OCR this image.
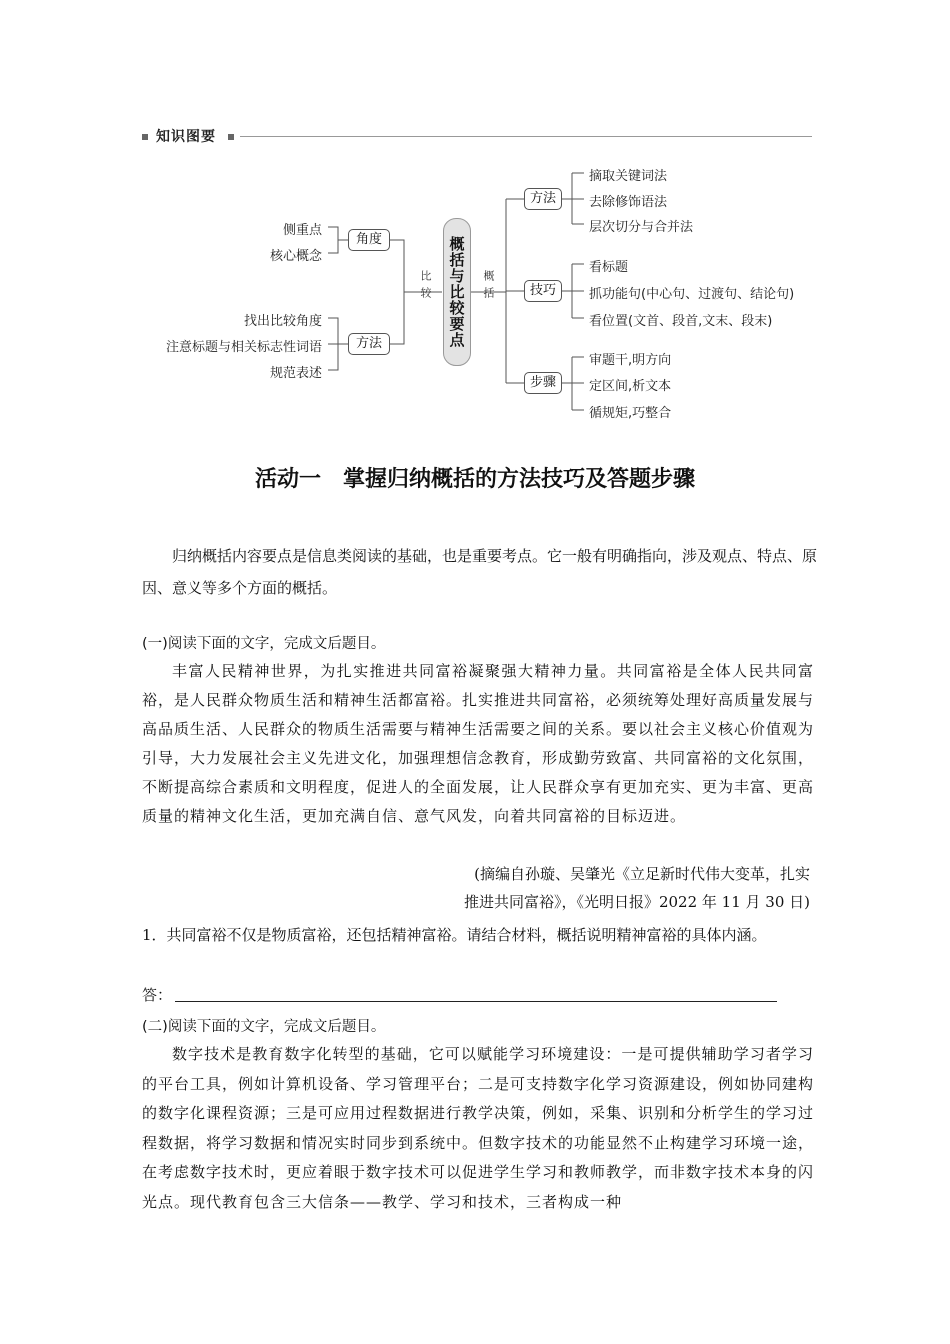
知识图要
侧重点
核心概念
找出比较角度
注意标题与相关标志性词语
规范表述
角度
方法
比较	概括
概括与比较要点
方法
技巧
步骤
摘取关键词法
去除修饰语法
层次切分与合并法
看标题
抓功能句(中心句、过渡句、结论句)
看位置(文首、段首,文末、段末)
审题干,明方向
定区间,析文本
循规矩,巧整合
活动一　掌握归纳概括的方法技巧及答题步骤

归纳概括内容要点是信息类阅读的基础，也是重要考点。它一般有明确指向，涉及观点、特点、原因、意义等多个方面的概括。

(一)阅读下面的文字，完成文后题目。

丰富人民精神世界，为扎实推进共同富裕凝聚强大精神力量。共同富裕是全体人民共同富裕，是人民群众物质生活和精神生活都富裕。扎实推进共同富裕，必须统筹处理好高质量发展与高品质生活、人民群众的物质生活需要与精神生活需要之间的关系。要以社会主义核心价值观为引导，大力发展社会主义先进文化，加强理想信念教育，形成勤劳致富、共同富裕的文化氛围，不断提高综合素质和文明程度，促进人的全面发展，让人民群众享有更加充实、更为丰富、更高质量的精神文化生活，更加充满自信、意气风发，向着共同富裕的目标迈进。

(摘编自孙璇、吴肇光《立足新时代伟大变革，扎实
推进共同富裕》，《光明日报》2022 年 11 月 30 日)
1．共同富裕不仅是物质富裕，还包括精神富裕。请结合材料，概括说明精神富裕的具体内涵。
答：
(二)阅读下面的文字，完成文后题目。

数字技术是教育数字化转型的基础，它可以赋能学习环境建设：一是可提供辅助学习者学习的平台工具，例如计算机设备、学习管理平台；二是可支持数字化学习资源建设，例如协同建构的数字化课程资源；三是可应用过程数据进行教学决策，例如，采集、识别和分析学生的学习过程数据，将学习数据和情况实时同步到系统中。但数字技术的功能显然不止构建学习环境一途，在考虑数字技术时，更应着眼于数字技术可以促进学生学习和教师教学，而非数字技术本身的闪光点。现代教育包含三大信条——教学、学习和技术，三者构成一种
